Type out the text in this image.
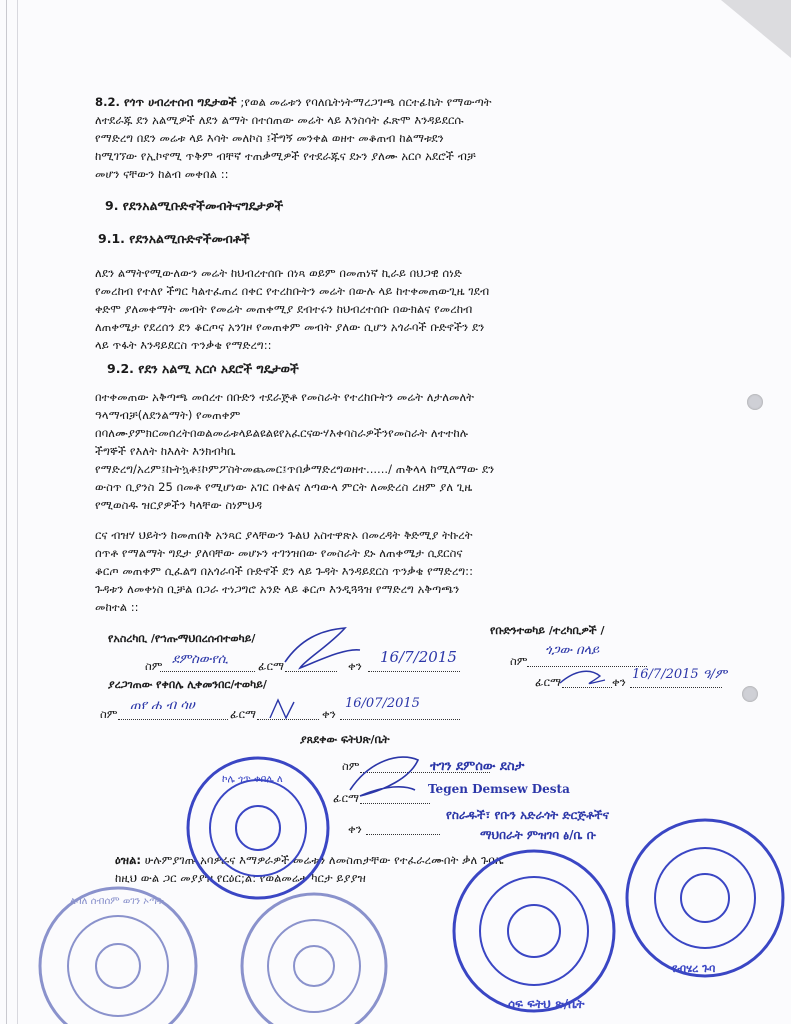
8.2. የጎጥ ሀብረተሰብ ግዴታወች ;የወል መሬቱን የባለቤትነትማረጋገጫ ሰርተፊኬት የማውጣት

ለተደራጁ ደን አልሚዎች ለደን ልማት በተሰጠው መሬት ላይ እንስሳት ፈጽሞ እንዳይደርሱ

የማድረግ በደን መሬቱ ላይ እሳት መለኮስ ፤ችግኝ መንቀል ወዘተ መቆጠብ ከልማቱደን

ከሚገኘው የኢኮኖሚ ጥቅም ብቸኛ ተጠቃሚዎች የተደራጁና ደኑን ያለሙ አርሶ አደሮች ብቻ

መሆን ናቸውን ከልብ መቀበል ::

9. የደንአልሚቡድኖችመብትናግዴታዎች

9.1. የደንአልሚቡድኖችመብቶች

ለደን ልማትየሚውለውን መሬት ከህብረተሰቡ በነጻ ወይም በመጠነኛ ኪራይ በህጋዊ ሰነድ

የመረከብ የተለየ ችግር ካልተፈጠረ በቀር የተረከቡትን መሬት በውሉ ላይ ከተቀመጠውጊዜ ገደብ

ቀድሞ ያለመቀማት መብት የመሬት መጠቀሚያ ደብተሩን ከህብረተሰቡ በውክልና የመረከብ

ለጠቀሜታ የደረሰን ደን ቆርጦና አንገዞ የመጠቀም መብት ያለው ሲሆን አጎራባች ቡድኖችን ደን

ላይ ጥፋት እንዳይደርስ ጥንቃቄ የማድረግ::

9.2. የደን አልሚ አርሶ አደሮች ግዴታወች

በተቀመጠው አቅጣጫ መሰረተ በቡድን ተደራጅቶ የመስራት የተረከቡትን መሬት ለታለመለት

ዓላማብቻ(ለደንልማት) የመጠቀም

በባለሙያምክርመሰረትበወልመሬቱላይልዩልዩየአፈርናውሃእቀባስራዎችንየመስራት ለተተከሉ

ችግኞች የእለት ከእለት እንክብካቤ

የማድረግ/አረም፤ኩትኳቶ፤ኮምፖስትመጨመር፤ጥበቃማድረግወዘተ....../ ጠቅላላ ከሚለማው ደን

ውስጥ ቢያንስ 25 በመቶ የሚሆነው አገር በቀልና ለጣውላ ምርት ለመድረስ ረዘም ያለ ጊዜ

የሚወስዱ ዝርያዎችን ካላቸው ስነምህዳ

ርና ብዝሃ ህይትን ከመጠበቅ አንጻር ያላቸውን ጉልህ አስተዋጽኦ በመረዳት ቅድሚያ ትኩረት

ሰጥቶ የማልማት ግዴታ ያለባቸው መሆኑን ተገንዝበው የመስራት ደኑ ለጠቀሜታ ሲደርስና

ቆርጦ መጠቀም ሲፈልግ በአጎራባች ቡድኖች ደን ላይ ጉዳት እንዳይደርስ ጥንቃቄ የማድረግ::

ጉዳቱን ለመቀነስ ቢቻል በጋራ ተነጋግሮ አንድ ላይ ቆርጦ እንዲጓጓዝ የማድረግ አቅጣጫን

መከተል ::

የአስረካቢ /የኀጡማህበረሰብተወካይ/

ስም ደምስውየሲ	ፊርማ	ቀን 16/7/2015

የቡድንተወካይ /ተረካቢዎች /

ስም
ጎጋው በላይ
ፊርማ	ቀን 16/7/2015 ዓ/ም

ያረጋገጠው የቀበሌ ሊቀመንበር/ተወካይ/

ስም
ጠየ ሐ ብ ሳሀ
ፊርማ	ቀን
16/07/2015

ያጸደቀው ፍትህጽ/ቤት

ስም	ተገን ደምሰው ደስታ
ፊርማ
Tegen Demsew Desta
ቀን
የስራዱች፣ የቡን አድራጎት ድርጅቶችና
ማህበራት ምዝገባ ፅ/ቤ ቡ

ዕዝል: ሁሉምያገጡ አባዎራና እማዎራዎች መሬቱን ለመስጠታቸው የተፈራረሙበት ቃለ ጉባኤ

ከዚህ ውል ጋር መያያዝ የርዕር;ል: የወልመሬቱ ካርታ ይያያዝ

ኮሌ ጎጥ ቀበሌ ለ
ሰፍ ፍትህ ጽ/ቤት
የብሄረ ጉባ
ለባለ ሰብሰም ወገን ኦጣት
